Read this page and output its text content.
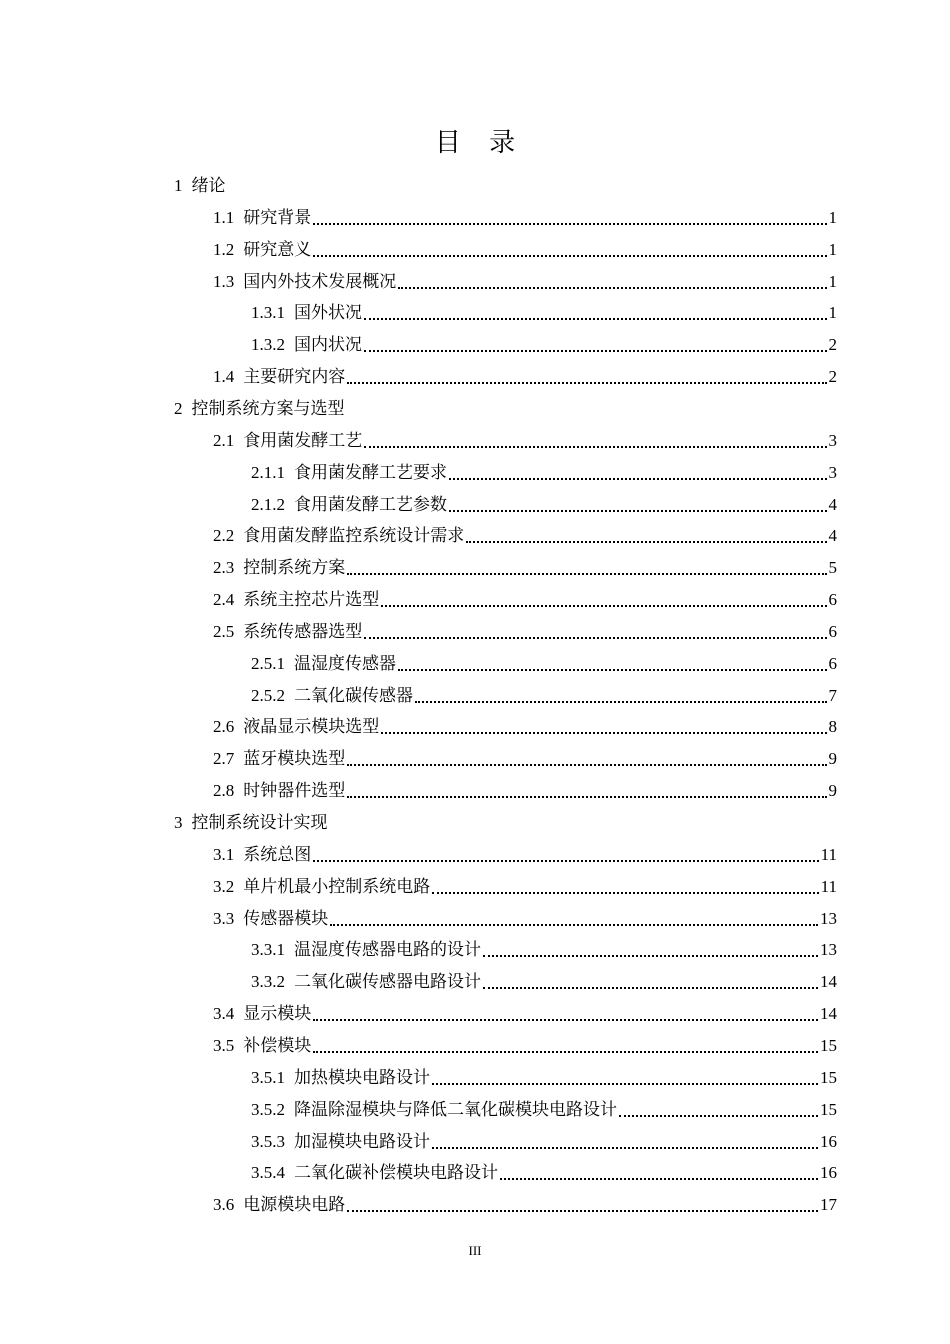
目 录
1 绪论
1.1 研究背景	1
1.2 研究意义	1
1.3 国内外技术发展概况	1
1.3.1 国外状况	1
1.3.2 国内状况	2
1.4 主要研究内容	2
2 控制系统方案与选型
2.1 食用菌发酵工艺	3
2.1.1 食用菌发酵工艺要求	3
2.1.2 食用菌发酵工艺参数	4
2.2 食用菌发酵监控系统设计需求	4
2.3 控制系统方案	5
2.4 系统主控芯片选型	6
2.5 系统传感器选型	6
2.5.1 温湿度传感器	6
2.5.2 二氧化碳传感器	7
2.6 液晶显示模块选型	8
2.7 蓝牙模块选型	9
2.8 时钟器件选型	9
3 控制系统设计实现
3.1 系统总图	11
3.2 单片机最小控制系统电路	11
3.3 传感器模块	13
3.3.1 温湿度传感器电路的设计	13
3.3.2 二氧化碳传感器电路设计	14
3.4 显示模块	14
3.5 补偿模块	15
3.5.1 加热模块电路设计	15
3.5.2 降温除湿模块与降低二氧化碳模块电路设计	15
3.5.3 加湿模块电路设计	16
3.5.4 二氧化碳补偿模块电路设计	16
3.6 电源模块电路	17
III
